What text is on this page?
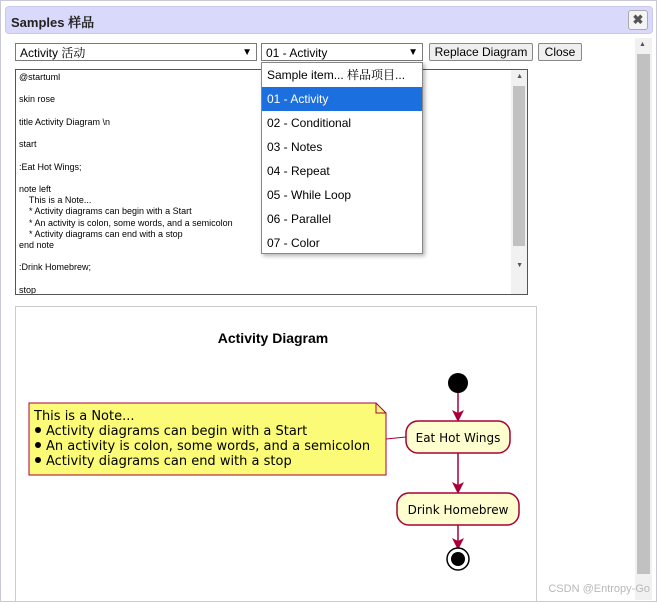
Samples 样品	✖
Activity 活动	▼	01 - Activity	▼	Replace Diagram	Close
@startuml

skin rose

title Activity Diagram \n

start

:Eat Hot Wings;

note left
This is a Note...
* Activity diagrams can begin with a Start
* An activity is colon, some words, and a semicolon
* Activity diagrams can end with a stop
end note

:Drink Homebrew;

stop
▲
▼
Activity Diagram
Eat Hot Wings
Drink Homebrew
This is a Note...
Activity diagrams can begin with a Start
An activity is colon, some words, and a semicolon
Activity diagrams can end with a stop
▲
Sample item... 样品项目...
01 - Activity
02 - Conditional
03 - Notes
04 - Repeat
05 - While Loop
06 - Parallel
07 - Color
CSDN @Entropy-Go
